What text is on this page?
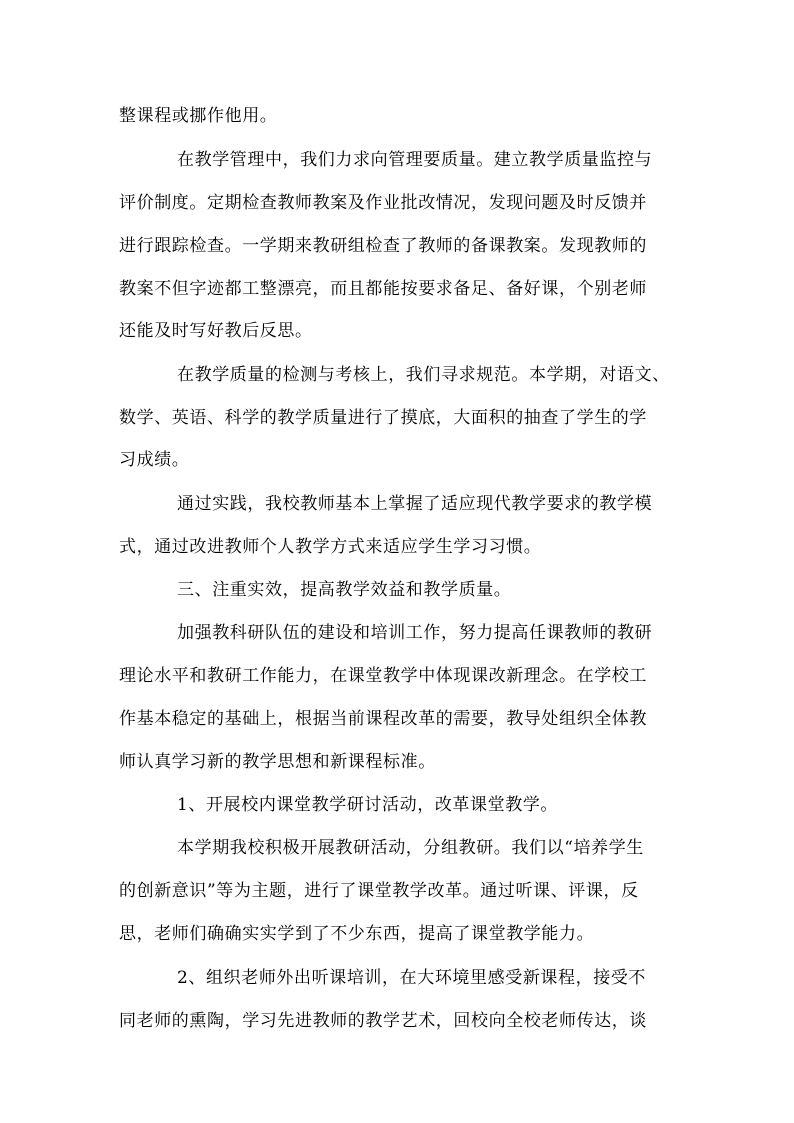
整课程或挪作他用。
在教学管理中，我们力求向管理要质量。建立教学质量监控与
评价制度。定期检查教师教案及作业批改情况，发现问题及时反馈并
进行跟踪检查。一学期来教研组检查了教师的备课教案。发现教师的
教案不但字迹都工整漂亮，而且都能按要求备足、备好课，个别老师
还能及时写好教后反思。
在教学质量的检测与考核上，我们寻求规范。本学期，对语文、
数学、英语、科学的教学质量进行了摸底，大面积的抽查了学生的学
习成绩。
通过实践，我校教师基本上掌握了适应现代教学要求的教学模
式，通过改进教师个人教学方式来适应学生学习习惯。
三、注重实效，提高教学效益和教学质量。
加强教科研队伍的建设和培训工作，努力提高任课教师的教研
理论水平和教研工作能力，在课堂教学中体现课改新理念。在学校工
作基本稳定的基础上，根据当前课程改革的需要，教导处组织全体教
师认真学习新的教学思想和新课程标准。
1、开展校内课堂教学研讨活动，改革课堂教学。
本学期我校积极开展教研活动，分组教研。我们以“培养学生
的创新意识”等为主题，进行了课堂教学改革。通过听课、评课，反
思，老师们确确实实学到了不少东西，提高了课堂教学能力。
2、组织老师外出听课培训，在大环境里感受新课程，接受不
同老师的熏陶，学习先进教师的教学艺术，回校向全校老师传达，谈
